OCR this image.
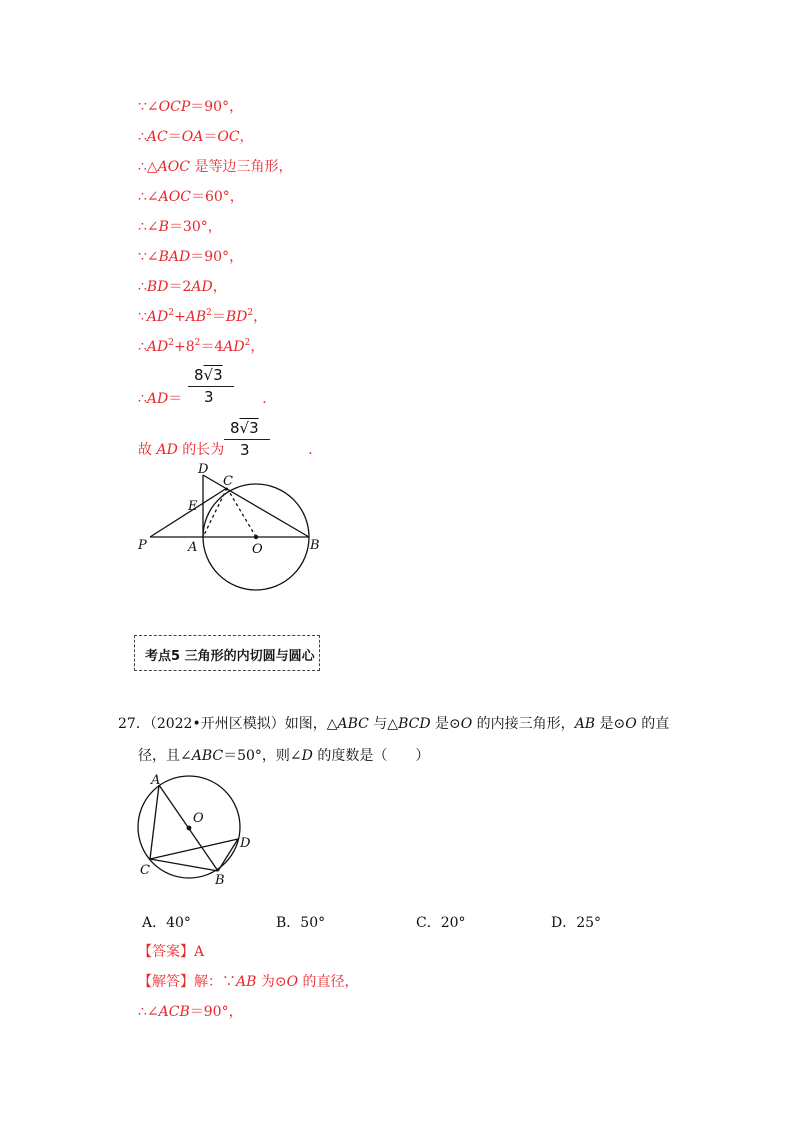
∵∠OCP＝90°，
∴AC＝OA＝OC，
∴△AOC 是等边三角形，
∴∠AOC＝60°，
∴∠B＝30°，
∵∠BAD＝90°，
∴BD＝2AD，
$\because AD^2+AB^2=BD^2$，
$\therefore AD^2+8^2=4AD^2$，
∴AD＝	．
8√3
3
故 AD 的长为	．
8√3
3
D
C
E
P	A	O	B
考点5 三角形的内切圆与圆心
27．（2022•开州区模拟）如图，△ABC 与△BCD 是⊙O 的内接三角形，AB 是⊙O 的直
径，且∠ABC＝50°，则∠D 的度数是（　　）
A
O
D
C
B
A．40°	B．50°	C．20°	D．25°
【答案】A
【解答】解：∵AB 为⊙O 的直径，
∴∠ACB＝90°，
